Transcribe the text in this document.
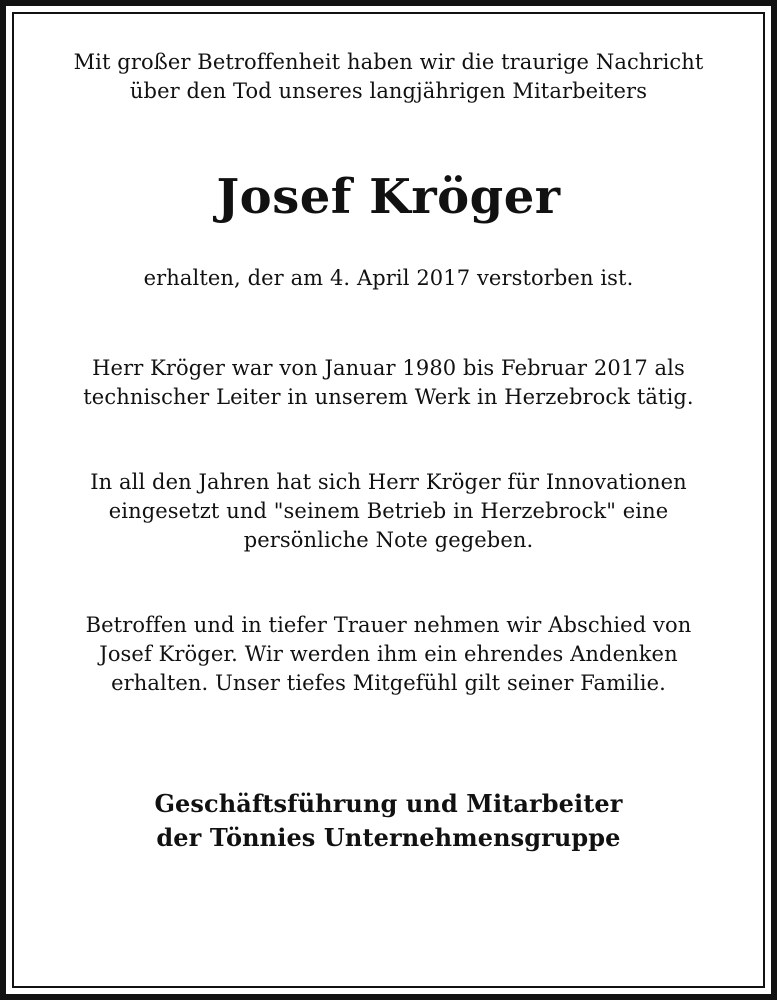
Mit großer Betroffenheit haben wir die traurige Nachricht
über den Tod unseres langjährigen Mitarbeiters

Josef Kröger

erhalten, der am 4. April 2017 verstorben ist.

Herr Kröger war von Januar 1980 bis Februar 2017 als
technischer Leiter in unserem Werk in Herzebrock tätig.

In all den Jahren hat sich Herr Kröger für Innovationen
eingesetzt und "seinem Betrieb in Herzebrock" eine
persönliche Note gegeben.

Betroffen und in tiefer Trauer nehmen wir Abschied von
Josef Kröger. Wir werden ihm ein ehrendes Andenken
erhalten. Unser tiefes Mitgefühl gilt seiner Familie.

Geschäftsführung und Mitarbeiter
der Tönnies Unternehmensgruppe
